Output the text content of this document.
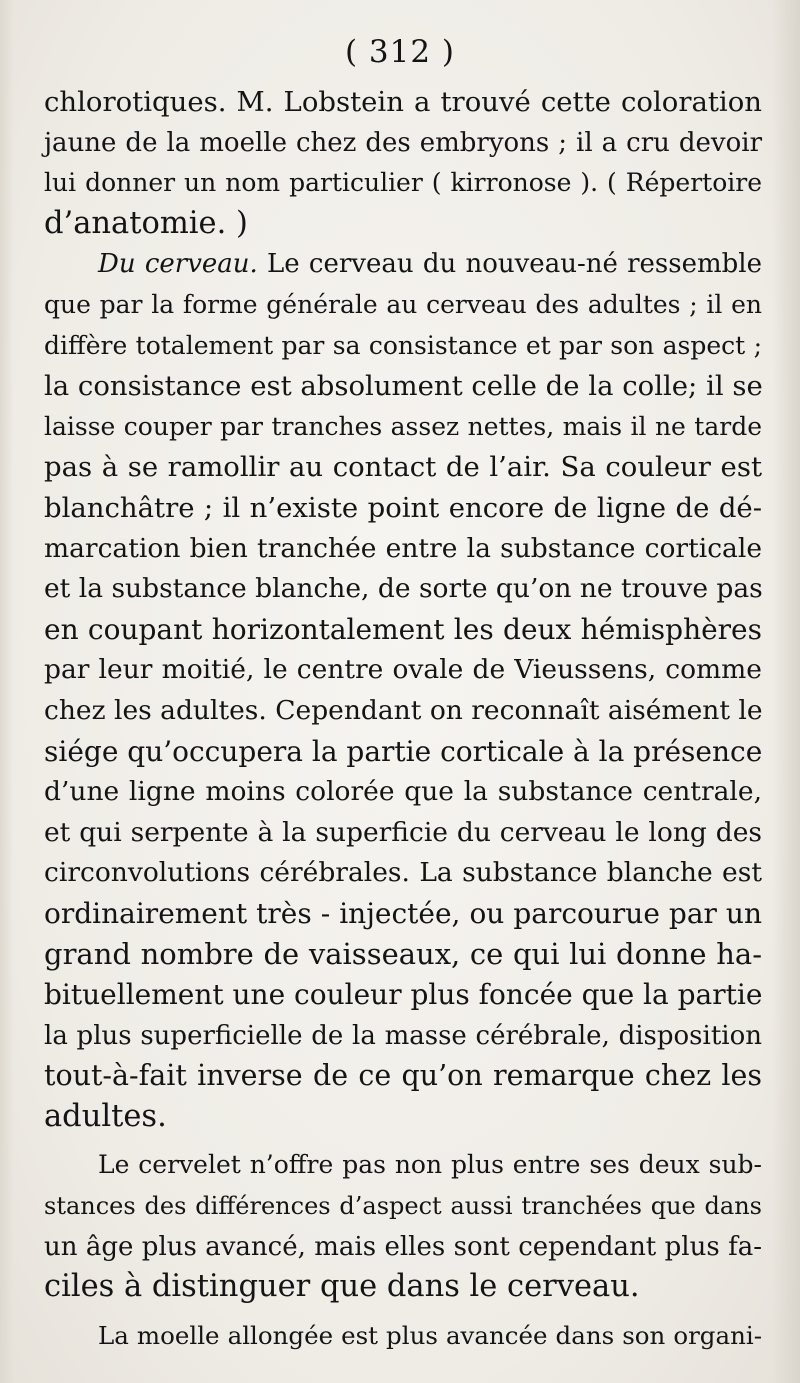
( 312 )
chlorotiques. M. Lobstein a trouvé cette coloration
jaune de la moelle chez des embryons ; il a cru devoir
lui donner un nom particulier ( kirronose ). ( Répertoire
d’anatomie. )
Du cerveau. Le cerveau du nouveau-né ressemble
que par la forme générale au cerveau des adultes ; il en
diffère totalement par sa consistance et par son aspect ;
la consistance est absolument celle de la colle; il se
laisse couper par tranches assez nettes, mais il ne tarde
pas à se ramollir au contact de l’air. Sa couleur est
blanchâtre ; il n’existe point encore de ligne de dé-
marcation bien tranchée entre la substance corticale
et la substance blanche, de sorte qu’on ne trouve pas
en coupant horizontalement les deux hémisphères
par leur moitié, le centre ovale de Vieussens, comme
chez les adultes. Cependant on reconnaît aisément le
siége qu’occupera la partie corticale à la présence
d’une ligne moins colorée que la substance centrale,
et qui serpente à la superficie du cerveau le long des
circonvolutions cérébrales. La substance blanche est
ordinairement très - injectée, ou parcourue par un
grand nombre de vaisseaux, ce qui lui donne ha-
bituellement une couleur plus foncée que la partie
la plus superficielle de la masse cérébrale, disposition
tout-à-fait inverse de ce qu’on remarque chez les
adultes.
Le cervelet n’offre pas non plus entre ses deux sub-
stances des différences d’aspect aussi tranchées que dans
un âge plus avancé, mais elles sont cependant plus fa-
ciles à distinguer que dans le cerveau.
La moelle allongée est plus avancée dans son organi-
